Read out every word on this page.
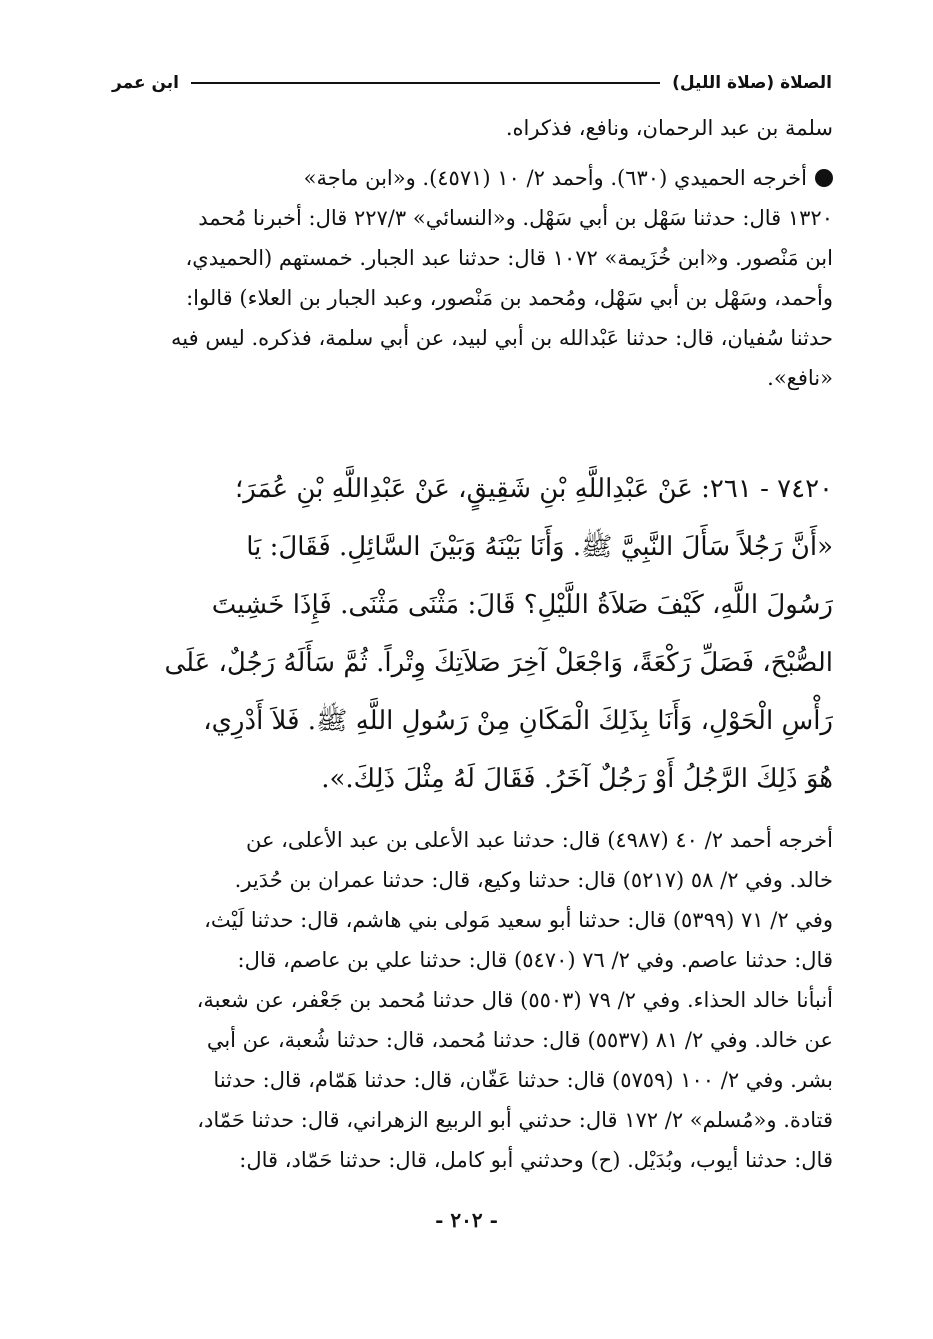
الصلاة (صلاة الليل)
ابن عمر
سلمة بن عبد الرحمان، ونافع، فذكراه.
أخرجه الحميدي (٦٣٠). وأحمد ٢/ ١٠ (٤٥٧١). و«ابن ماجة»
١٣٢٠ قال: حدثنا سَهْل بن أبي سَهْل. و«النسائي» ٢٢٧/٣ قال: أخبرنا مُحمد
ابن مَنْصور. و«ابن خُزَيمة» ١٠٧٢ قال: حدثنا عبد الجبار. خمستهم (الحميدي،
وأحمد، وسَهْل بن أبي سَهْل، ومُحمد بن مَنْصور، وعبد الجبار بن العلاء) قالوا:
حدثنا سُفيان، قال: حدثنا عَبْدالله بن أبي لبيد، عن أبي سلمة، فذكره. ليس فيه
«نافع».
٧٤٢٠ - ٢٦١: عَنْ عَبْدِاللَّهِ بْنِ شَقِيقٍ، عَنْ عَبْدِاللَّهِ بْنِ عُمَرَ؛
«أَنَّ رَجُلاً سَأَلَ النَّبِيَّ ﷺ. وَأَنَا بَيْنَهُ وَبَيْنَ السَّائِلِ. فَقَالَ: يَا
رَسُولَ اللَّهِ، كَيْفَ صَلاَةُ اللَّيْلِ؟ قَالَ: مَثْنَى مَثْنَى. فَإِذَا خَشِيتَ
الصُّبْحَ، فَصَلِّ رَكْعَةً، وَاجْعَلْ آخِرَ صَلاَتِكَ وِتْراً. ثُمَّ سَأَلَهُ رَجُلٌ، عَلَى
رَأْسِ الْحَوْلِ، وَأَنَا بِذَلِكَ الْمَكَانِ مِنْ رَسُولِ اللَّهِ ﷺ. فَلاَ أَدْرِي،
هُوَ ذَلِكَ الرَّجُلُ أَوْ رَجُلٌ آخَرُ. فَقَالَ لَهُ مِثْلَ ذَلِكَ.».
أخرجه أحمد ٢/ ٤٠ (٤٩٨٧) قال: حدثنا عبد الأعلى بن عبد الأعلى، عن
خالد. وفي ٢/ ٥٨ (٥٢١٧) قال: حدثنا وكيع، قال: حدثنا عمران بن حُدَير.
وفي ٢/ ٧١ (٥٣٩٩) قال: حدثنا أبو سعيد مَولى بني هاشم، قال: حدثنا لَيْث،
قال: حدثنا عاصم. وفي ٢/ ٧٦ (٥٤٧٠) قال: حدثنا علي بن عاصم، قال:
أنبأنا خالد الحذاء. وفي ٢/ ٧٩ (٥٥٠٣) قال حدثنا مُحمد بن جَعْفر، عن شعبة،
عن خالد. وفي ٢/ ٨١ (٥٥٣٧) قال: حدثنا مُحمد، قال: حدثنا شُعبة، عن أبي
بشر. وفي ٢/ ١٠٠ (٥٧٥٩) قال: حدثنا عَفّان، قال: حدثنا هَمّام، قال: حدثنا
قتادة. و«مُسلم» ٢/ ١٧٢ قال: حدثني أبو الربيع الزهراني، قال: حدثنا حَمّاد،
قال: حدثنا أيوب، وبُدَيْل. (ح) وحدثني أبو كامل، قال: حدثنا حَمّاد، قال:
- ٢٠٢ -
